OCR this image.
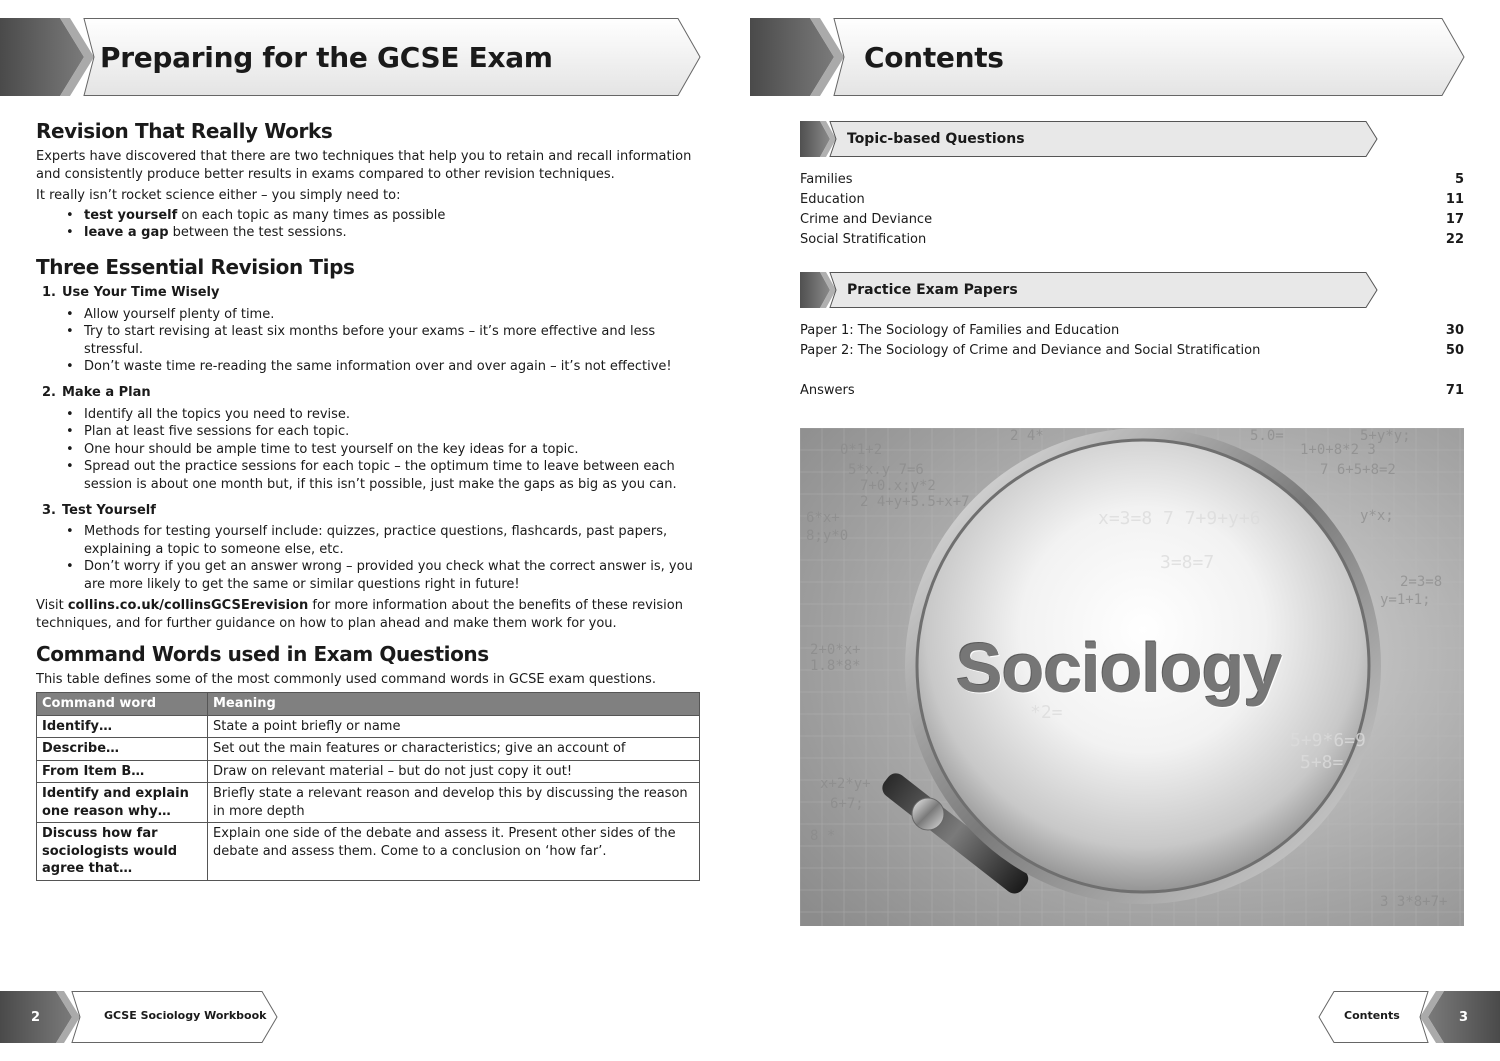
Preparing for the GCSE Exam
Revision That Really Works

Experts have discovered that there are two techniques that help you to retain and recall information and consistently produce better results in exams compared to other revision techniques.

It really isn’t rocket science either – you simply need to:

• test yourself on each topic as many times as possible
• leave a gap between the test sessions.
Three Essential Revision Tips
1. Use Your Time Wisely
• Allow yourself plenty of time.
• Try to start revising at least six months before your exams – it’s more effective and less stressful.
• Don’t waste time re-reading the same information over and over again – it’s not effective!
2. Make a Plan
• Identify all the topics you need to revise.
• Plan at least five sessions for each topic.
• One hour should be ample time to test yourself on the key ideas for a topic.
• Spread out the practice sessions for each topic – the optimum time to leave between each session is about one month but, if this isn’t possible, just make the gaps as big as you can.
3. Test Yourself
• Methods for testing yourself include: quizzes, practice questions, flashcards, past papers, explaining a topic to someone else, etc.
• Don’t worry if you get an answer wrong – provided you check what the correct answer is, you are more likely to get the same or similar questions right in future!

Visit collins.co.uk/collinsGCSErevision for more information about the benefits of these revision techniques, and for further guidance on how to plan ahead and make them work for you.

Command Words used in Exam Questions

This table defines some of the most commonly used command words in GCSE exam questions.

Command word	Meaning
Identify…	State a point briefly or name
Describe…	Set out the main features or characteristics; give an account of
From Item B…	Draw on relevant material – but do not just copy it out!
Identify and explain one reason why…	Briefly state a relevant reason and develop this by discussing the reason in more depth
Discuss how far sociologists would agree that…	Explain one side of the debate and assess it. Present other sides of the debate and assess them. Come to a conclusion on ‘how far’.
2	GCSE Sociology Workbook
Contents
Topic-based Questions
Families	5
Education	11
Crime and Deviance	17
Social Stratification	22
Practice Exam Papers
Paper 1: The Sociology of Families and Education	30
Paper 2: The Sociology of Crime and Deviance and Social Stratification	50
Answers	71
6*x+
8;y*0
0*1+2
5*x.y 7=6
7+0.x;y*2
2 4+y+5.5+x+7
2+0*x+
1.8*8*
1+0+8*2 3
7 6+5+8=2
y*x;
2=3=8
y=1+1;
5+y*y;
2 4*	5.0=
x+2*y+
6+7;
8 *
3 3*8+7+
x=3=8 7 7+9+y+6
3=8=7
5+9*6=9
5+8=
*2=
Sociology
Contents	3
